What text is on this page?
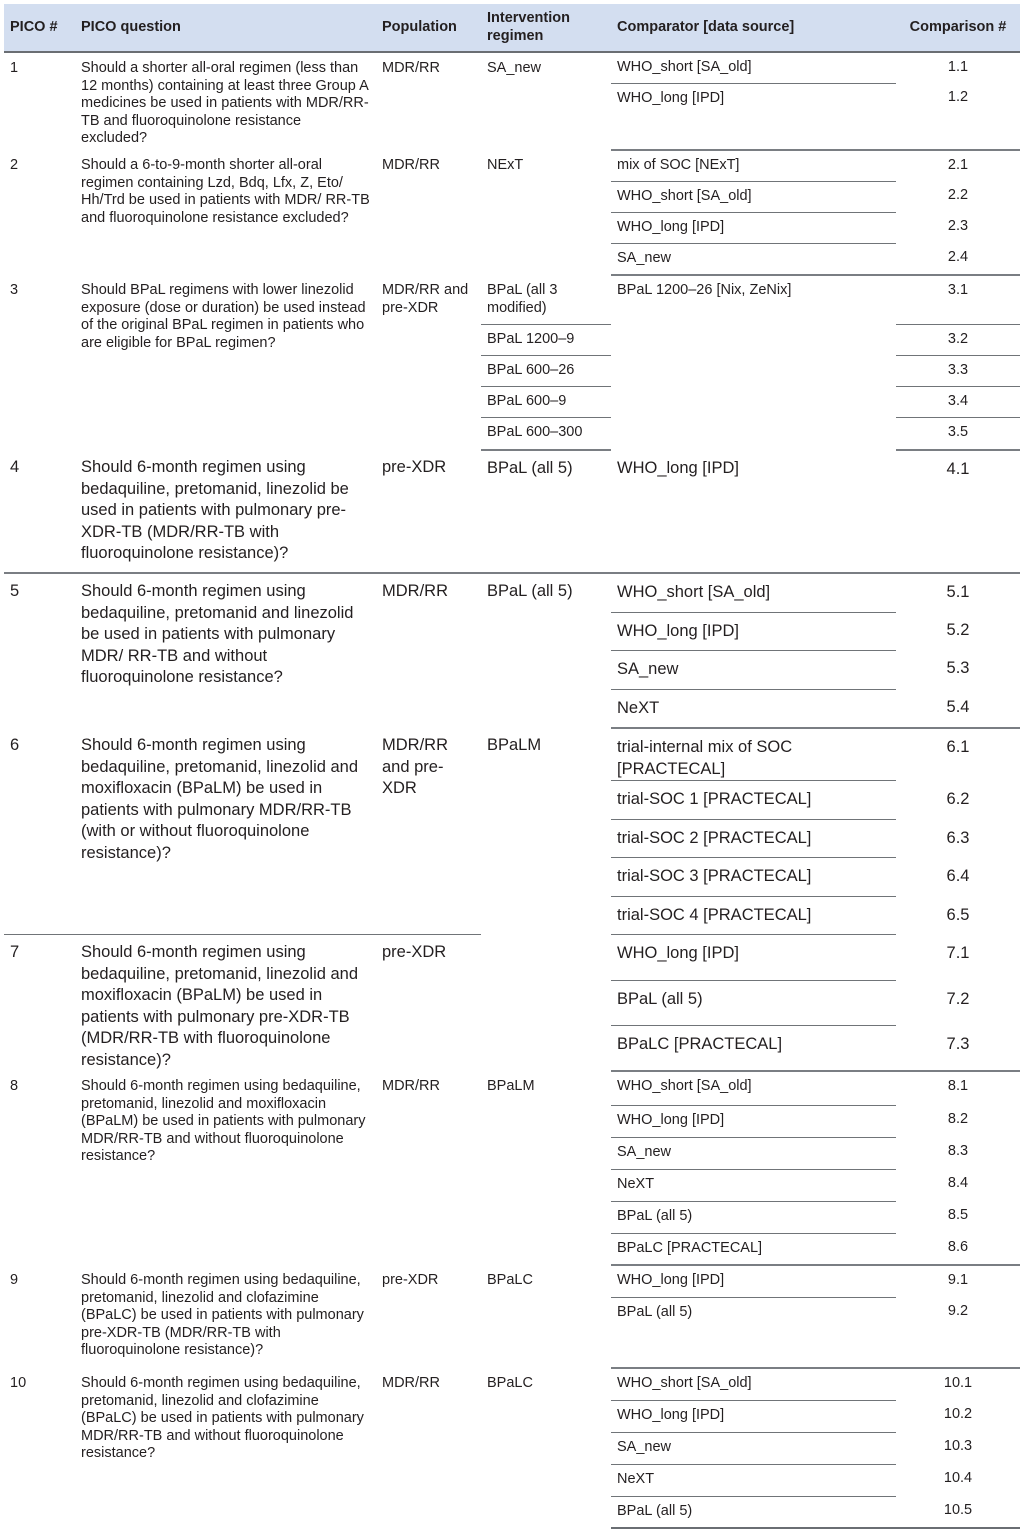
PICO #	PICO question	Population	Intervention regimen	Comparator [data source]	Comparison #
1	Should a shorter all-oral regimen (less than 12 months) containing at least three Group A medicines be used in patients with MDR/RR-TB and fluoroquinolone resistance excluded?	MDR/RR	SA_new	WHO_short [SA_old]	1.1
				WHO_long [IPD]	1.2
2	Should a 6-to-9-month shorter all-oral regimen containing Lzd, Bdq, Lfx, Z, Eto/ Hh/Trd be used in patients with MDR/ RR-TB and fluoroquinolone resistance excluded?	MDR/RR	NExT	mix of SOC [NExT]	2.1
				WHO_short [SA_old]	2.2
				WHO_long [IPD]	2.3
				SA_new	2.4
3	Should BPaL regimens with lower linezolid exposure (dose or duration) be used instead of the original BPaL regimen in patients who are eligible for BPaL regimen?	MDR/RR and pre-XDR	BPaL (all 3 modified)	BPaL 1200–26 [Nix, ZeNix]	3.1
			BPaL 1200–9		3.2
			BPaL 600–26		3.3
			BPaL 600–9		3.4
			BPaL 600–300		3.5
4	Should 6-month regimen using bedaquiline, pretomanid, linezolid be used in patients with pulmonary pre-XDR-TB (MDR/RR-TB with fluoroquinolone resistance)?	pre-XDR	BPaL (all 5)	WHO_long [IPD]	4.1
5	Should 6-month regimen using bedaquiline, pretomanid and linezolid be used in patients with pulmonary MDR/ RR-TB and without fluoroquinolone resistance?	MDR/RR	BPaL (all 5)	WHO_short [SA_old]	5.1
				WHO_long [IPD]	5.2
				SA_new	5.3
				NeXT	5.4
6	Should 6-month regimen using bedaquiline, pretomanid, linezolid and moxifloxacin (BPaLM) be used in patients with pulmonary MDR/RR-TB (with or without fluoroquinolone resistance)?	MDR/RR and pre-XDR	BPaLM	trial-internal mix of SOC [PRACTECAL]	6.1
				trial-SOC 1 [PRACTECAL]	6.2
				trial-SOC 2 [PRACTECAL]	6.3
				trial-SOC 3 [PRACTECAL]	6.4
				trial-SOC 4 [PRACTECAL]	6.5
7	Should 6-month regimen using bedaquiline, pretomanid, linezolid and moxifloxacin (BPaLM) be used in patients with pulmonary pre-XDR-TB (MDR/RR-TB with fluoroquinolone resistance)?	pre-XDR		WHO_long [IPD]	7.1
				BPaL (all 5)	7.2
				BPaLC [PRACTECAL]	7.3
8	Should 6-month regimen using bedaquiline, pretomanid, linezolid and moxifloxacin (BPaLM) be used in patients with pulmonary MDR/RR-TB and without fluoroquinolone resistance?	MDR/RR	BPaLM	WHO_short [SA_old]	8.1
				WHO_long [IPD]	8.2
				SA_new	8.3
				NeXT	8.4
				BPaL (all 5)	8.5
				BPaLC [PRACTECAL]	8.6
9	Should 6-month regimen using bedaquiline, pretomanid, linezolid and clofazimine (BPaLC) be used in patients with pulmonary pre-XDR-TB (MDR/RR-TB with fluoroquinolone resistance)?	pre-XDR	BPaLC	WHO_long [IPD]	9.1
				BPaL (all 5)	9.2
10	Should 6-month regimen using bedaquiline, pretomanid, linezolid and clofazimine (BPaLC) be used in patients with pulmonary MDR/RR-TB and without fluoroquinolone resistance?	MDR/RR	BPaLC	WHO_short [SA_old]	10.1
				WHO_long [IPD]	10.2
				SA_new	10.3
				NeXT	10.4
				BPaL (all 5)	10.5
